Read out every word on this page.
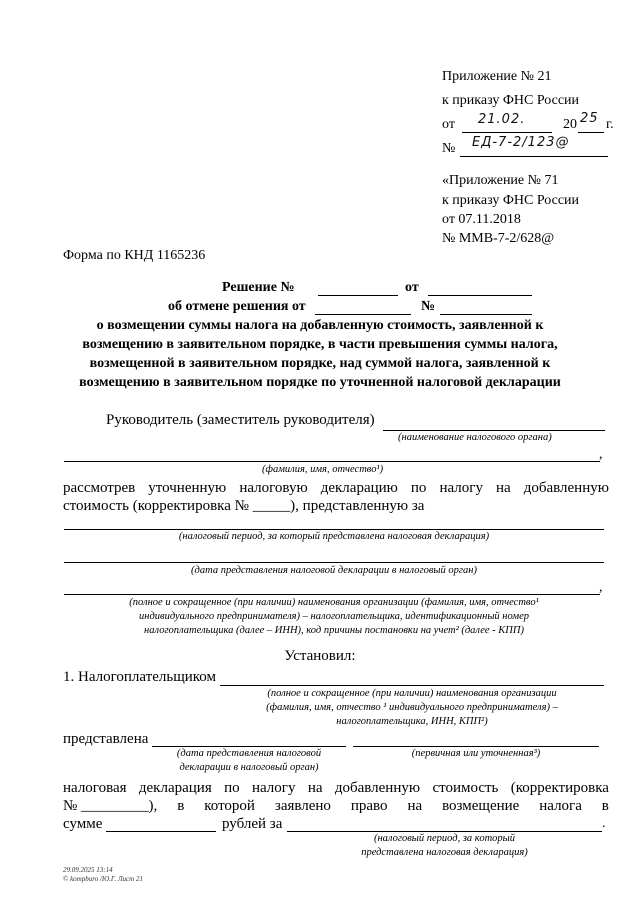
Приложение № 21
к приказу ФНС России
от 21.02.	20 25 г.
№ ЕД-7-2/123@
«Приложение № 71
к приказу ФНС России
от 07.11.2018
№ ММВ-7-2/628@
Форма по КНД 1165236
Решение №	от
об отмене решения от	№
о возмещении суммы налога на добавленную стоимость, заявленной к
возмещению в заявительном порядке, в части превышения суммы налога,
возмещенной в заявительном порядке, над суммой налога, заявленной к
возмещению в заявительном порядке по уточненной налоговой декларации
Руководитель (заместитель руководителя)
(наименование налогового органа)
,
(фамилия, имя, отчество¹)
рассмотрев уточненную налоговую декларацию по налогу на добавленную
стоимость (корректировка № _____), представленную за
(налоговый период, за который представлена налоговая декларация)
(дата представления налоговой декларации в налоговый орган)
,
(полное и сокращенное (при наличии) наименования организации (фамилия, имя, отчество¹
индивидуального предпринимателя) – налогоплательщика, идентификационный номер
налогоплательщика (далее – ИНН), код причины постановки на учет² (далее - КПП)
Установил:
1. Налогоплательщиком
(полное и сокращенное (при наличии) наименования организации
(фамилия, имя, отчество ¹ индивидуального предпринимателя) –
налогоплательщика, ИНН, КПП²)
представлена
(дата представления налоговой
декларации в налоговый орган)
(первичная или уточненная³)
налоговая декларация по налогу на добавленную стоимость (корректировка
№ _________), в которой заявлено право на возмещение налога в
сумме	рублей за	.
(налоговый период, за который
представлена налоговая декларация)
29.09.2025 13:14
© kompburo /Ю.Г. Лист 21
